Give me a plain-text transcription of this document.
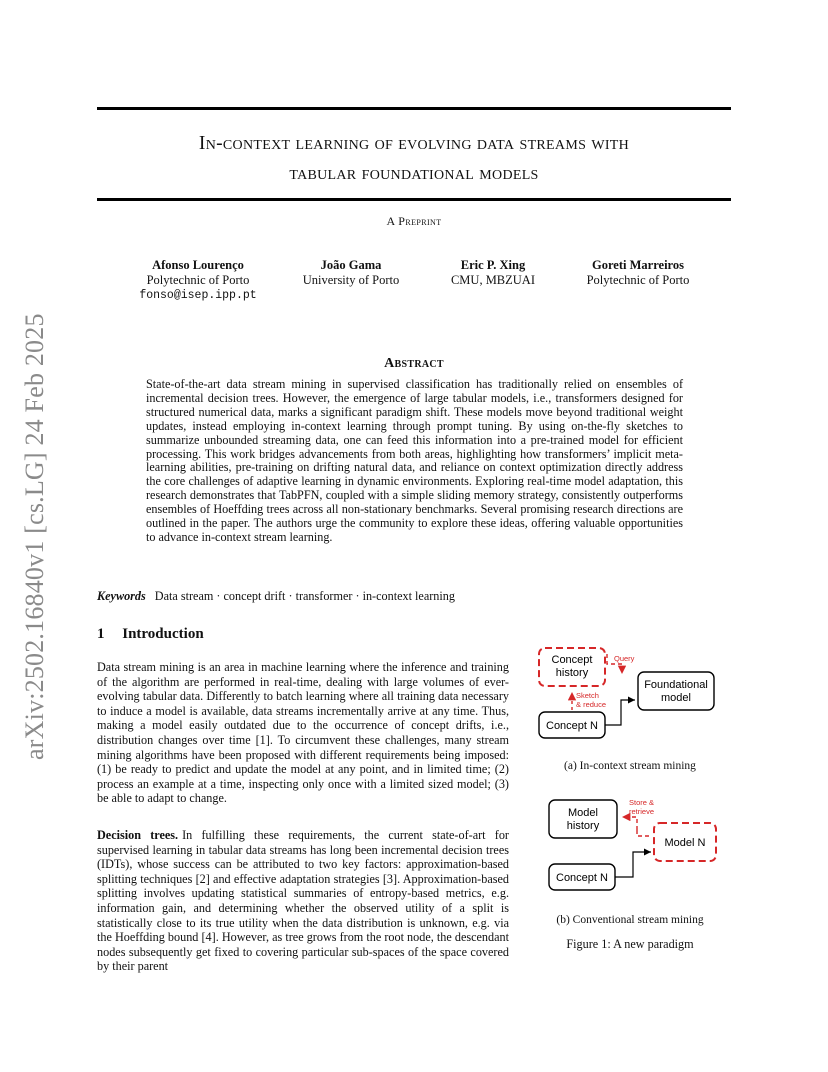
arXiv:2502.16840v1 [cs.LG] 24 Feb 2025
In-context learning of evolving data streams with
tabular foundational models
A Preprint
Afonso Lourenço
Polytechnic of Porto
fonso@isep.ipp.pt
João Gama
University of Porto
Eric P. Xing
CMU, MBZUAI
Goreti Marreiros
Polytechnic of Porto
Abstract
State-of-the-art data stream mining in supervised classification has traditionally relied on ensembles of incremental decision trees. However, the emergence of large tabular models, i.e., transformers designed for structured numerical data, marks a significant paradigm shift. These models move beyond traditional weight updates, instead employing in-context learning through prompt tuning. By using on-the-fly sketches to summarize unbounded streaming data, one can feed this information into a pre-trained model for efficient processing. This work bridges advancements from both areas, highlighting how transformers’ implicit meta-learning abilities, pre-training on drifting natural data, and reliance on context optimization directly address the core challenges of adaptive learning in dynamic environments. Exploring real-time model adaptation, this research demonstrates that TabPFN, coupled with a simple sliding memory strategy, consistently outperforms ensembles of Hoeffding trees across all non-stationary benchmarks. Several promising research directions are outlined in the paper. The authors urge the community to explore these ideas, offering valuable opportunities to advance in-context stream learning.
Keywords Data stream · concept drift · transformer · in-context learning
1 Introduction
Data stream mining is an area in machine learning where the inference and training of the algorithm are performed in real-time, dealing with large volumes of ever-evolving tabular data. Differently to batch learning where all training data necessary to induce a model is available, data streams incrementally arrive at any time. Thus, making a model easily outdated due to the occurrence of concept drifts, i.e., distribution changes over time [1]. To circumvent these challenges, many stream mining algorithms have been proposed with different requirements being imposed: (1) be ready to predict and update the model at any point, and in limited time; (2) process an example at a time, inspecting only once with a limited sized model; (3) be able to adapt to change.
Decision trees. In fulfilling these requirements, the current state-of-art for supervised learning in tabular data streams has long been incremental decision trees (IDTs), whose success can be attributed to two key factors: approximation-based splitting techniques [2] and effective adaptation strategies [3]. Approximation-based splitting involves updating statistical summaries of entropy-based metrics, e.g. information gain, and determining whether the observed utility of a split is statistically close to its true utility when the data distribution is unknown, e.g. via the Hoeffding bound [4]. However, as tree grows from the root node, the descendant nodes subsequently get fixed to covering particular sub-spaces of the space covered by their parent
Concept
history
Query
Foundational
model
Sketch
& reduce
Concept N
Model
history
Store &
retrieve
Model N
Concept N
(a) In-context stream mining
(b) Conventional stream mining
Figure 1: A new paradigm
